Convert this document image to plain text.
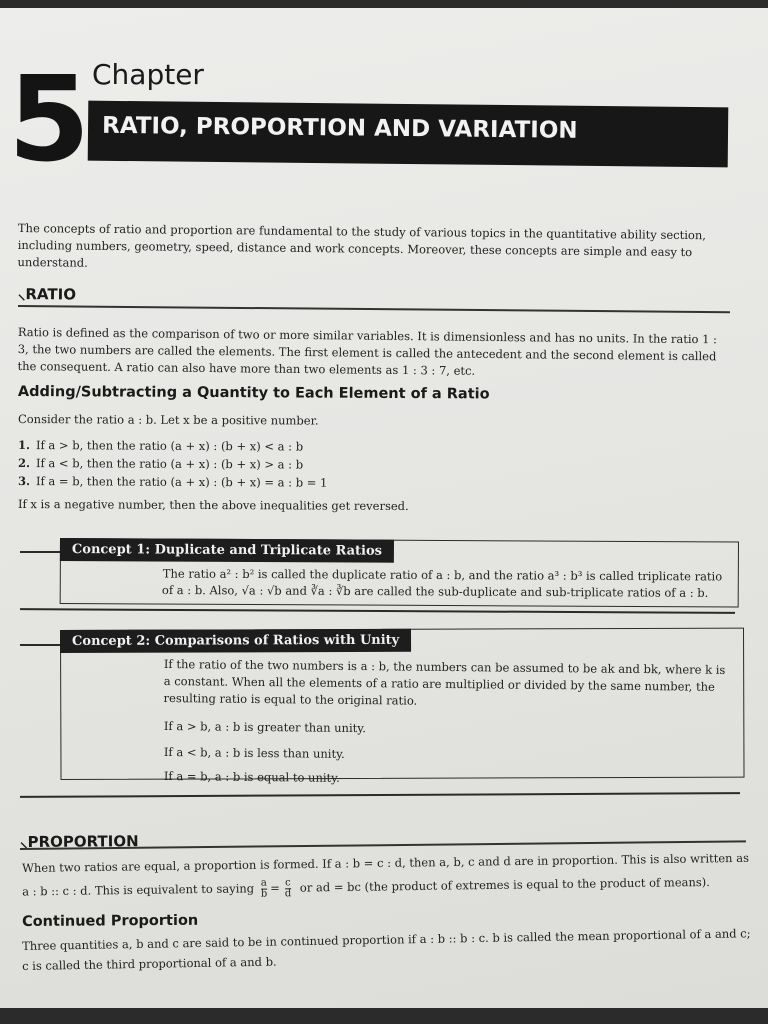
5 Chapter
RATIO, PROPORTION AND VARIATION
The concepts of ratio and proportion are fundamental to the study of various topics in the quantitative ability section, including numbers, geometry, speed, distance and work concepts. Moreover, these concepts are simple and easy to understand.
⸜RATIO
Ratio is defined as the comparison of two or more similar variables. It is dimensionless and has no units. In the ratio 1 : 3, the two numbers are called the elements. The first element is called the antecedent and the second element is called the consequent. A ratio can also have more than two elements as 1 : 3 : 7, etc.
Adding/Subtracting a Quantity to Each Element of a Ratio
Consider the ratio a : b. Let x be a positive number.
1. If a > b, then the ratio (a + x) : (b + x) < a : b
2. If a < b, then the ratio (a + x) : (b + x) > a : b
3. If a = b, then the ratio (a + x) : (b + x) = a : b = 1
If x is a negative number, then the above inequalities get reversed.
Concept 1: Duplicate and Triplicate Ratios
The ratio a² : b² is called the duplicate ratio of a : b, and the ratio a³ : b³ is called triplicate ratio
of a : b. Also, √a : √b and ∛a : ∛b are called the sub-duplicate and sub-triplicate ratios of a : b.
Concept 2: Comparisons of Ratios with Unity
If the ratio of the two numbers is a : b, the numbers can be assumed to be ak and bk, where k is a constant. When all the elements of a ratio are multiplied or divided by the same number, the resulting ratio is equal to the original ratio.
If a > b, a : b is greater than unity.
If a < b, a : b is less than unity.
If a = b, a : b is equal to unity.
⸜PROPORTION
When two ratios are equal, a proportion is formed. If a : b = c : d, then a, b, c and d are in proportion. This is also written as
a : b :: c : d. This is equivalent to saying $\frac{a}{b} = \frac{c}{d}$ or ad = bc (the product of extremes is equal to the product of means).
Continued Proportion
Three quantities a, b and c are said to be in continued proportion if a : b :: b : c. b is called the mean proportional of a and c;
c is called the third proportional of a and b.
